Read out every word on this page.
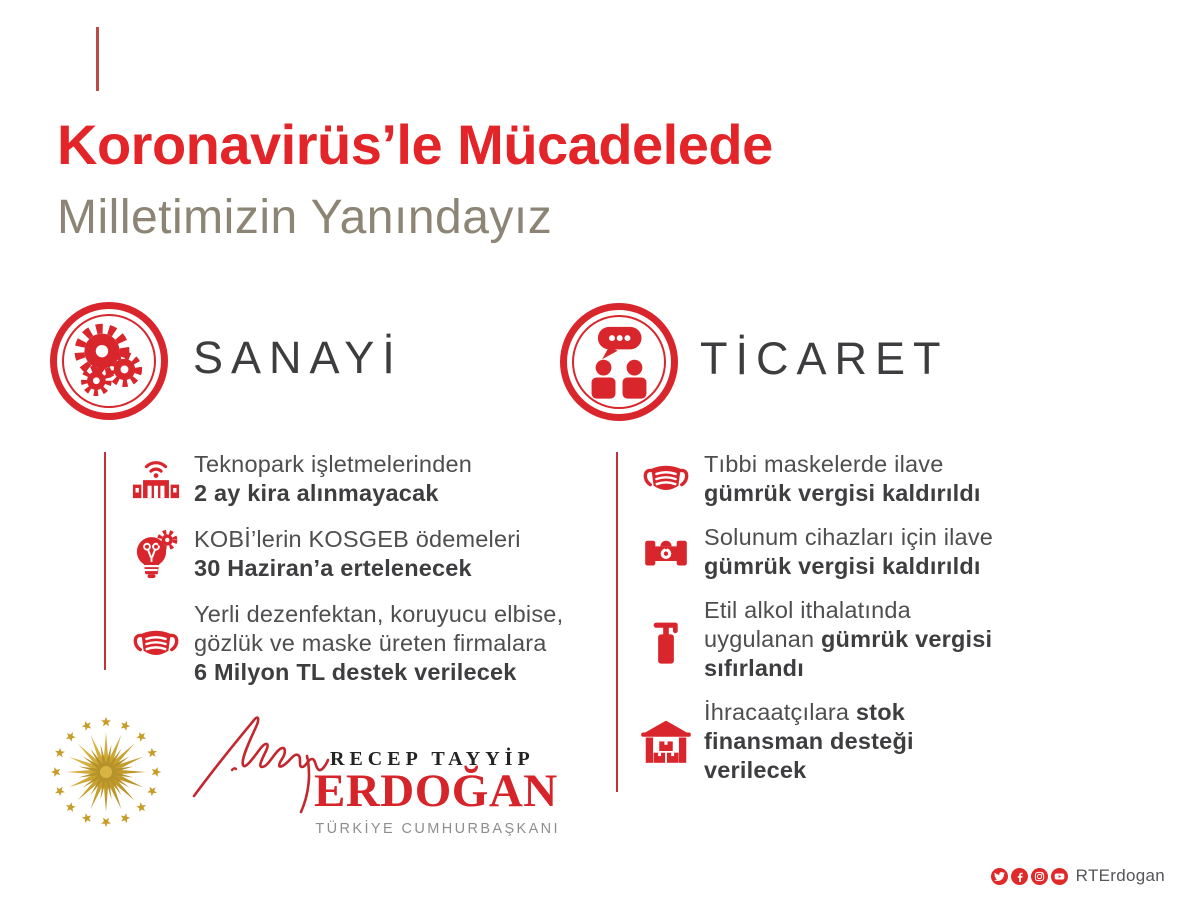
Koronavirüs’le Mücadelede
Milletimizin Yanındayız
SANAYİ	TİCARET
Teknopark işletmelerinden
2 ay kira alınmayacak
KOBİ’lerin KOSGEB ödemeleri
30 Haziran’a ertelenecek
Yerli dezenfektan, koruyucu elbise,
gözlük ve maske üreten firmalara
6 Milyon TL destek verilecek
Tıbbi maskelerde ilave
gümrük vergisi kaldırıldı
Solunum cihazları için ilave
gümrük vergisi kaldırıldı
Etil alkol ithalatında
uygulanan gümrük vergisi
sıfırlandı
İhracaatçılara stok
finansman desteği
verilecek
RECEP TAYYİP
ERDOĞAN
TÜRKİYE CUMHURBAŞKANI
RTErdogan
